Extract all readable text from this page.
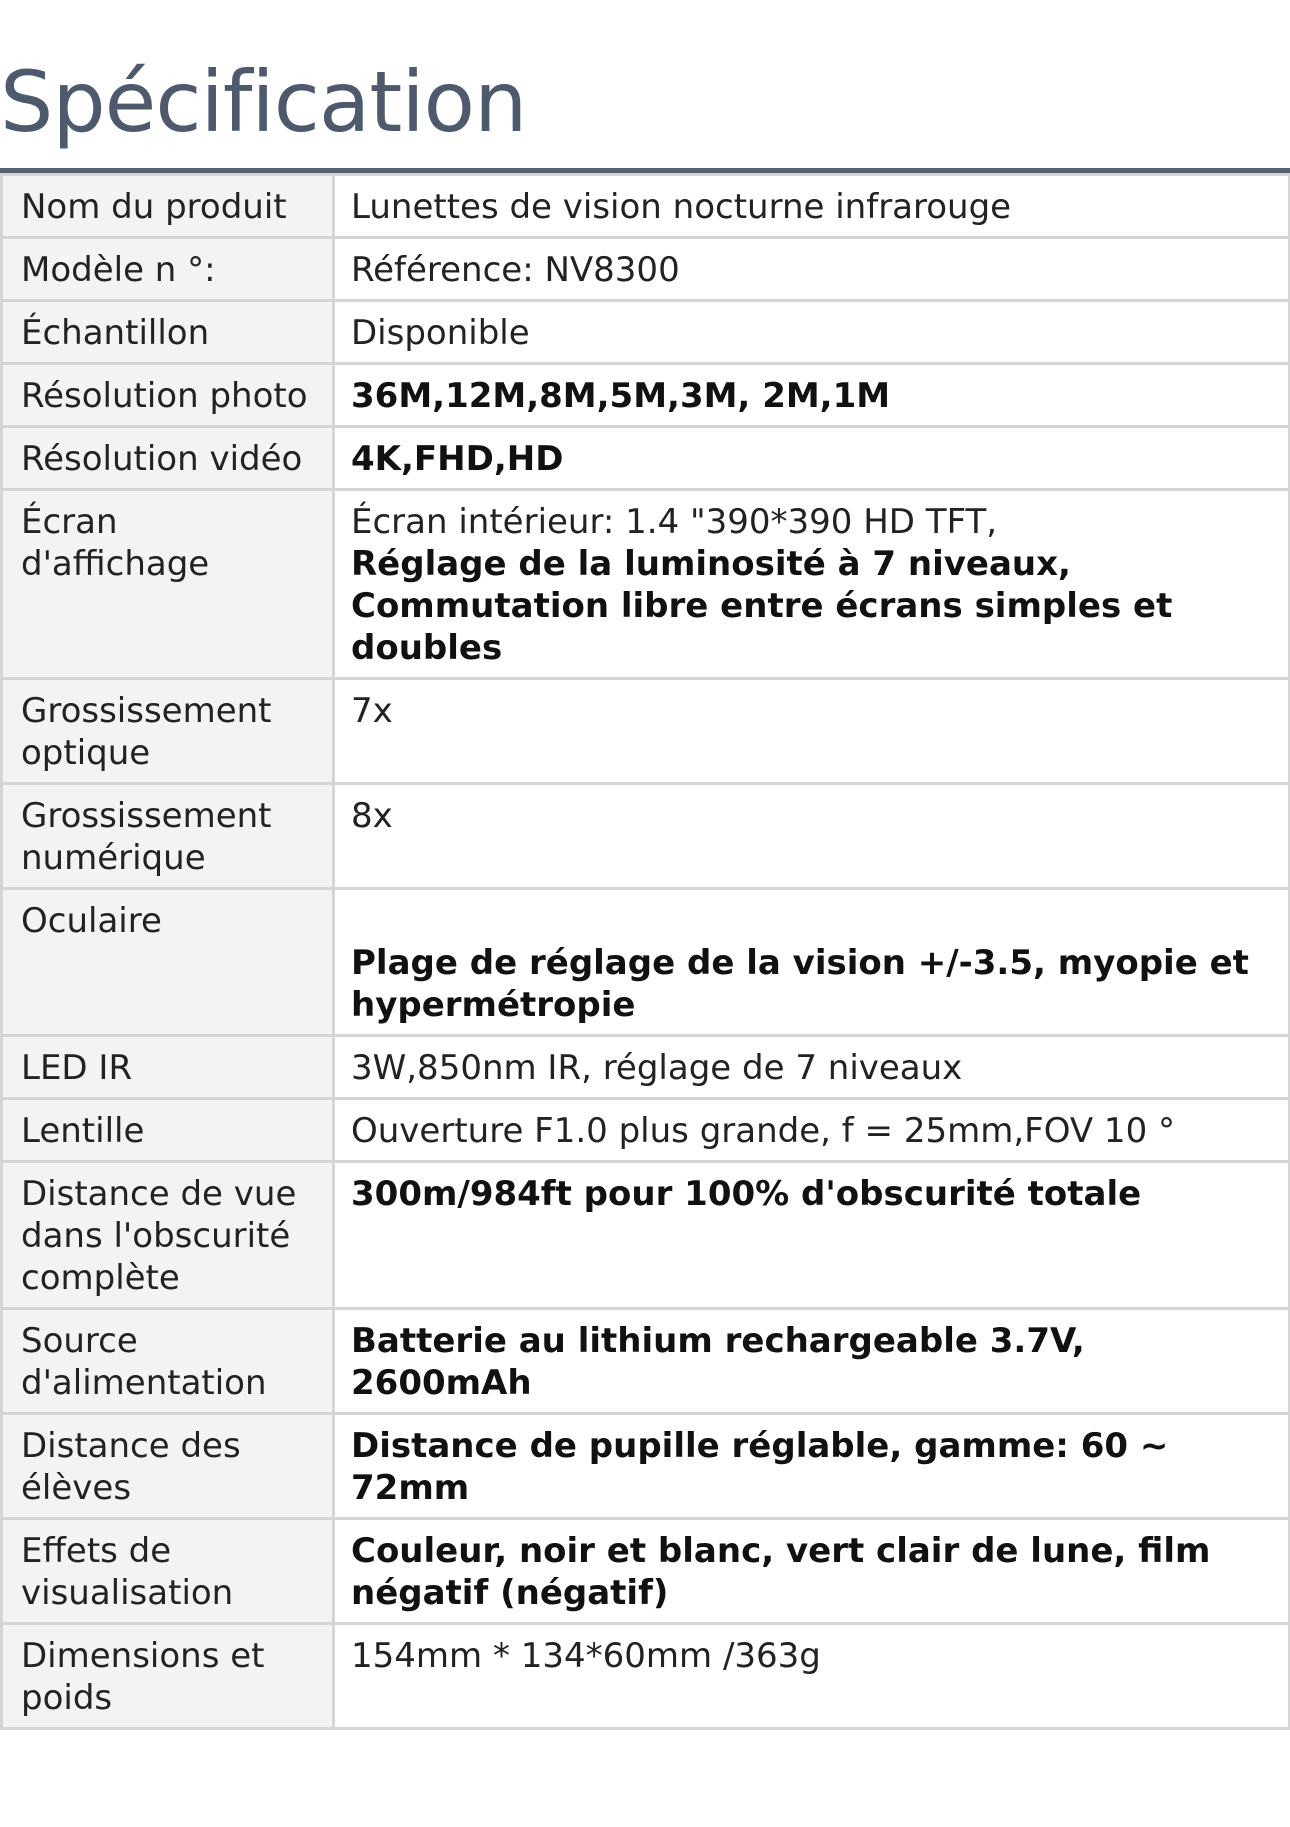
Spécification
Nom du produit	Lunettes de vision nocturne infrarouge
Modèle n °:	Référence: NV8300
Échantillon	Disponible
Résolution photo	36M,12M,8M,5M,3M, 2M,1M
Résolution vidéo	4K,FHD,HD
Écran d'affichage	Écran intérieur: 1.4 "390*390 HD TFT,
Réglage de la luminosité à 7 niveaux,
Commutation libre entre écrans simples et doubles

Grossissement optique	7x
Grossissement numérique	8x
Oculaire	Plage de réglage de la vision +/-3.5, myopie et hypermétropie

LED IR	3W,850nm IR, réglage de 7 niveaux
Lentille	Ouverture F1.0 plus grande, f = 25mm,FOV 10 °
Distance de vue dans l'obscurité complète	300m/984ft pour 100% d'obscurité totale
Source d'alimentation	Batterie au lithium rechargeable 3.7V, 2600mAh
Distance des élèves	Distance de pupille réglable, gamme: 60 ~ 72mm
Effets de visualisation	Couleur, noir et blanc, vert clair de lune, film négatif (négatif)
Dimensions et poids	154mm * 134*60mm /363g
